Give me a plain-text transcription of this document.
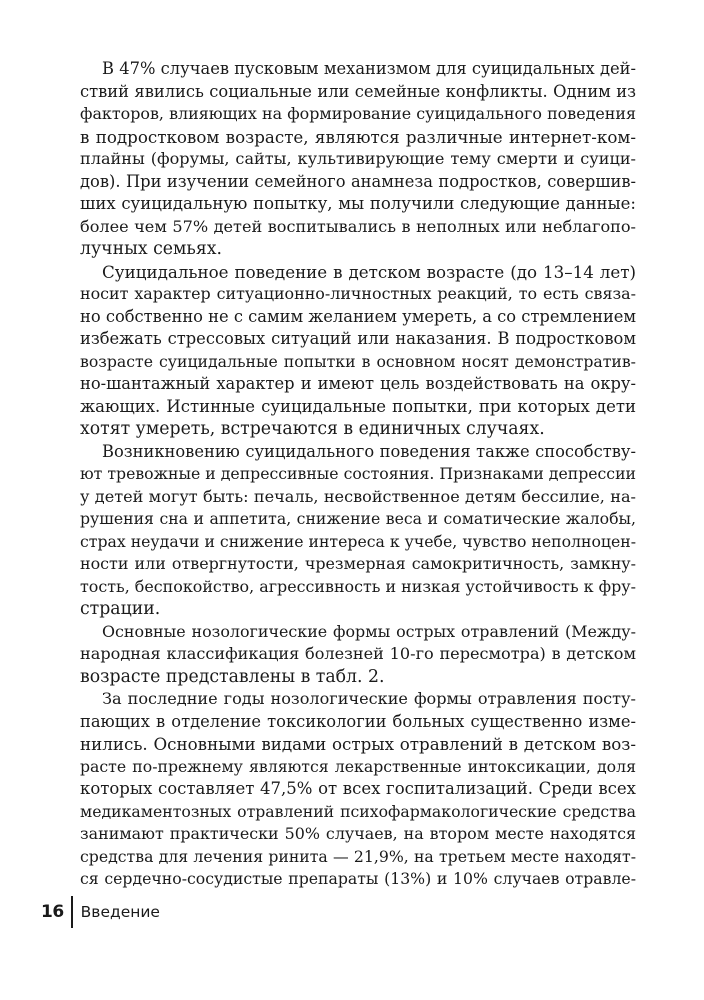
В 47% случаев пусковым механизмом для суицидальных дей-
ствий явились социальные или семейные конфликты. Одним из
факторов, влияющих на формирование суицидального поведения
в подростковом возрасте, являются различные интернет-ком-
плайны (форумы, сайты, культивирующие тему смерти и суици-
дов). При изучении семейного анамнеза подростков, совершив-
ших суицидальную попытку, мы получили следующие данные:
более чем 57% детей воспитывались в неполных или неблагопо-
лучных семьях.
Суицидальное поведение в детском возрасте (до 13–14 лет)
носит характер ситуационно-личностных реакций, то есть связа-
но собственно не с самим желанием умереть, а со стремлением
избежать стрессовых ситуаций или наказания. В подростковом
возрасте суицидальные попытки в основном носят демонстратив-
но-шантажный характер и имеют цель воздействовать на окру-
жающих. Истинные суицидальные попытки, при которых дети
хотят умереть, встречаются в единичных случаях.
Возникновению суицидального поведения также способству-
ют тревожные и депрессивные состояния. Признаками депрессии
у детей могут быть: печаль, несвойственное детям бессилие, на-
рушения сна и аппетита, снижение веса и соматические жалобы,
страх неудачи и снижение интереса к учебе, чувство неполноцен-
ности или отвергнутости, чрезмерная самокритичность, замкну-
тость, беспокойство, агрессивность и низкая устойчивость к фру-
страции.
Основные нозологические формы острых отравлений (Между-
народная классификация болезней 10-го пересмотра) в детском
возрасте представлены в табл. 2.
За последние годы нозологические формы отравления посту-
пающих в отделение токсикологии больных существенно изме-
нились. Основными видами острых отравлений в детском воз-
расте по-прежнему являются лекарственные интоксикации, доля
которых составляет 47,5% от всех госпитализаций. Среди всех
медикаментозных отравлений психофармакологические средства
занимают практически 50% случаев, на втором месте находятся
средства для лечения ринита — 21,9%, на третьем месте находят-
ся сердечно-сосудистые препараты (13%) и 10% случаев отравле-
16 Введение
